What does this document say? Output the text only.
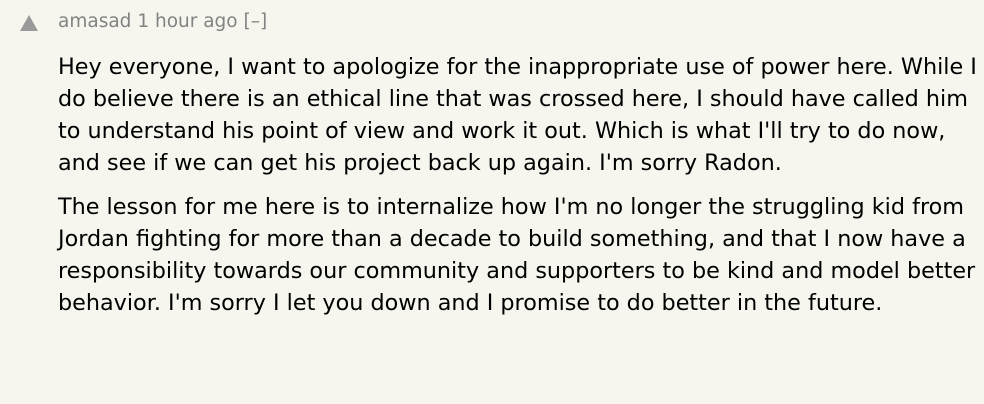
amasad 1 hour ago [–]

Hey everyone, I want to apologize for the inappropriate use of power here. While I do believe there is an ethical line that was crossed here, I should have called him to understand his point of view and work it out. Which is what I'll try to do now, and see if we can get his project back up again. I'm sorry Radon.

The lesson for me here is to internalize how I'm no longer the struggling kid from Jordan fighting for more than a decade to build something, and that I now have a responsibility towards our community and supporters to be kind and model better behavior. I'm sorry I let you down and I promise to do better in the future.
